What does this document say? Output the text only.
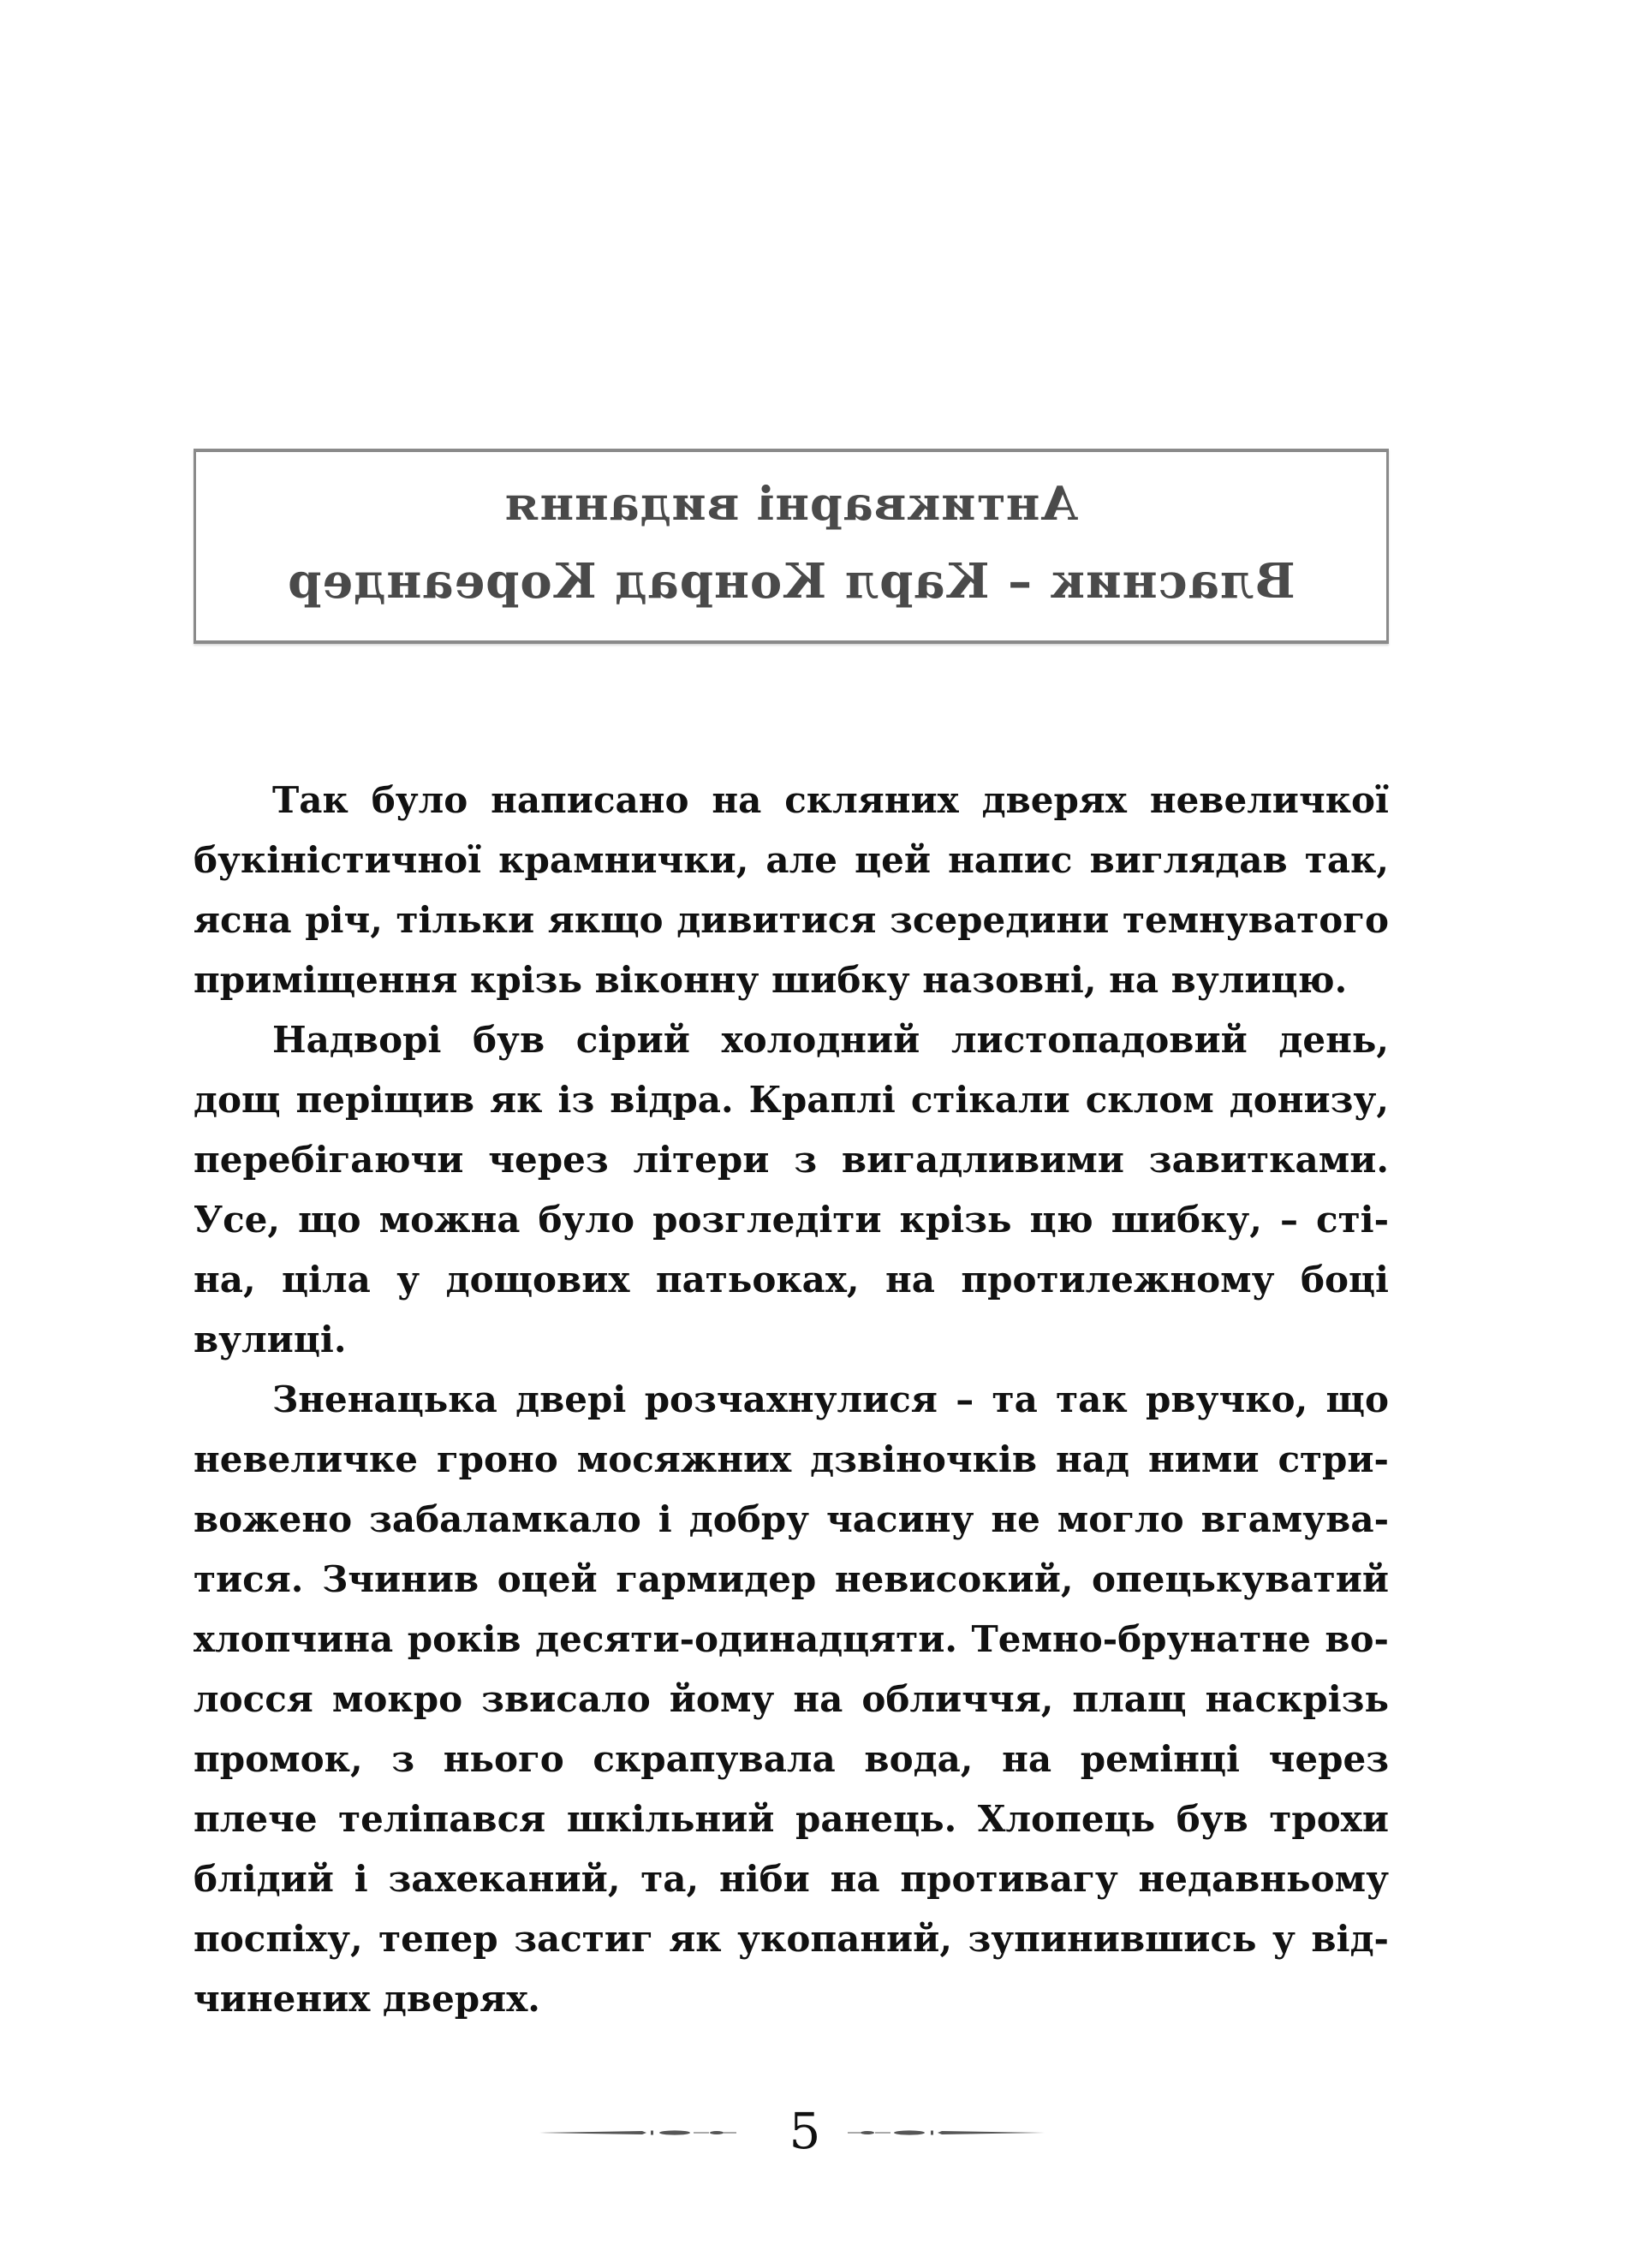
Антикварні видання
Власник – Карл Конрад Кореандер
Так було написано на скляних дверях невеличкої
букіністичної крамнички, але цей напис виглядав так,
ясна річ, тільки якщо дивитися зсередини темнуватого
приміщення крізь віконну шибку назовні, на вулицю.
Надворі був сірий холодний листопадовий день,
дощ періщив як із відра. Краплі стікали склом донизу,
перебігаючи через літери з вигадливими завитками.
Усе, що можна було розгледіти крізь цю шибку, – сті-
на, ціла у дощових патьоках, на протилежному боці
вулиці.
Зненацька двері розчахнулися – та так рвучко, що
невеличке гроно мосяжних дзвіночків над ними стри-
вожено забаламкало і добру часину не могло вгамува-
тися. Зчинив оцей гармидер невисокий, опецькуватий
хлопчина років десяти-одинадцяти. Темно-брунатне во-
лосся мокро звисало йому на обличчя, плащ наскрізь
промок, з нього скрапувала вода, на ремінці через
плече теліпався шкільний ранець. Хлопець був трохи
блідий і захеканий, та, ніби на противагу недавньому
поспіху, тепер застиг як укопаний, зупинившись у від-
чинених дверях.
5
